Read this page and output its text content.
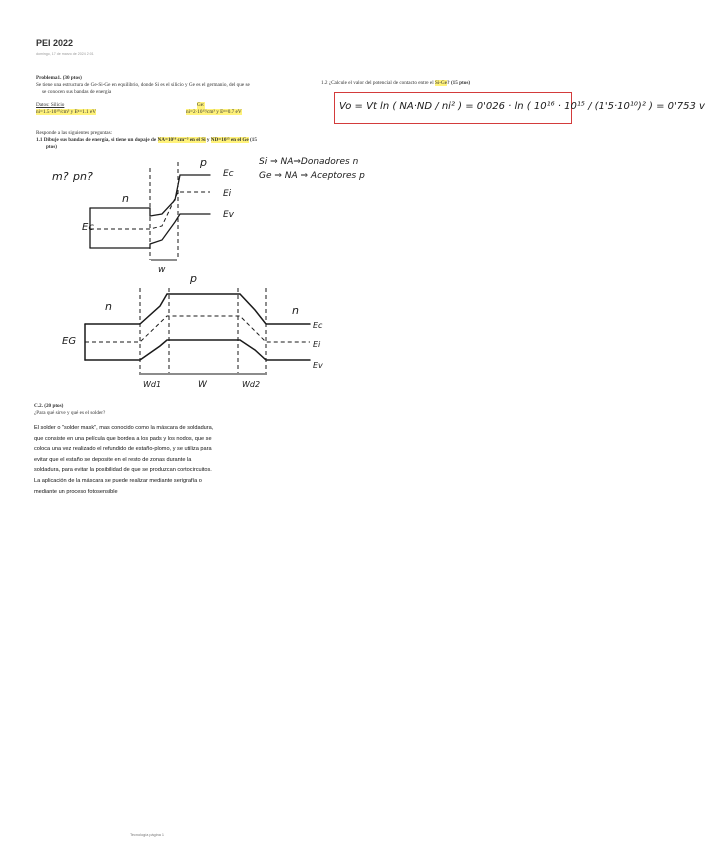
PEI 2022
domingo, 17 de marzo de 2024 2:01
Problema1. (30 ptos)
Se tiene una estructura de Ge-Si-Ge en equilibrio, donde Si es el silicio y Ge es el germanio, del que se
se conocen sus bandas de energía
Datos: Silicio
ni=1.5·10¹⁰/cm³ y Eᵍ=1.1 eV
Ge:
ni=2·10¹³/cm³ y Eᵍ=0.7 eV
Responde a las siguientes preguntas:
1.1 Dibuje sus bandas de energía, si tiene un dopaje de NA=10¹⁶ cm⁻³ en el Si y ND=10¹⁵ en el Ge (15
ptos)
1.2 ¿Calcule el valor del potencial de contacto entre el Si-Ge? (15 ptos)
Vo = Vt ln ( NA·ND / ni² ) = 0'026 · ln ( 10¹⁶ · 10¹⁵ / (1'5·10¹⁰)² ) = 0'753 v
m? pn?
n
p
Ec
Ec
Ei
Ev
w
Si ⇒ NA⇒Donadores n
Ge ⇒ NA ⇒ Aceptores p
p
n	n
EG
Ec
Ei
Ev
Wd1	W	Wd2
C.2. (20 ptos)
¿Para qué sirve y qué es el solder?

El solder o "solder mask", mas conocido como la máscara de soldadura,

que consiste en una película que bordea a los pads y los nodos, que se

coloca una vez realizado el refundido de estaño-plomo, y se utiliza para

evitar que el estaño se deposite en el resto de zonas durante la

soldadura, para evitar la posibilidad de que se produzcan cortocircuitos.

La aplicación de la máscara se puede realizar mediante serigrafía o

mediante un proceso fotosensible

Tecnología página 1
